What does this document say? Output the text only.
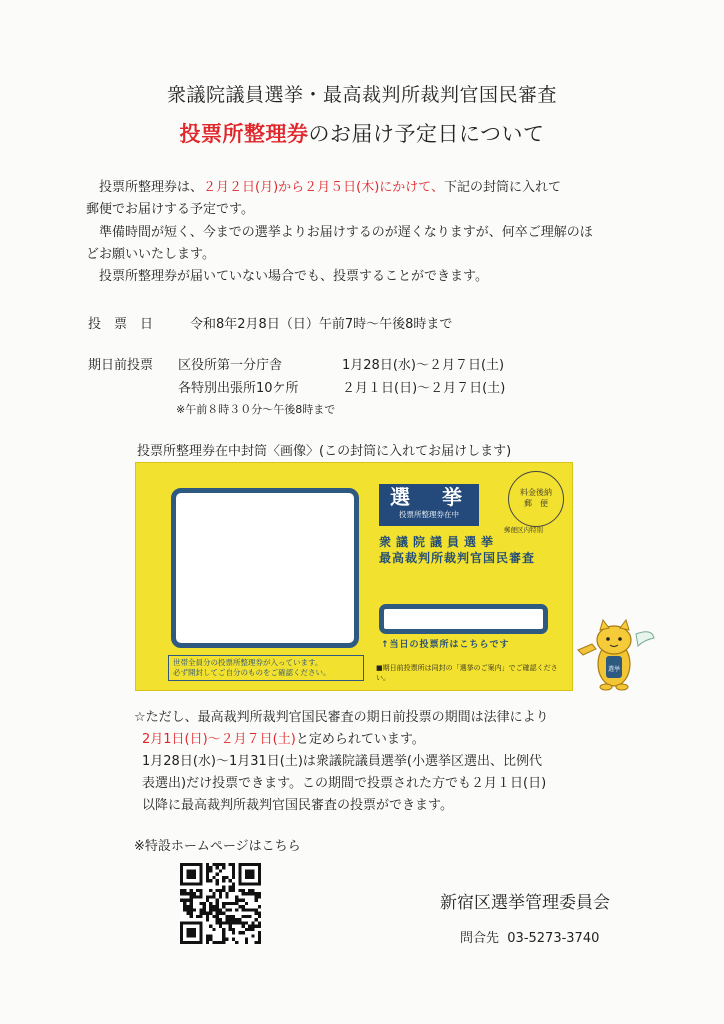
衆議院議員選挙・最高裁判所裁判官国民審査
投票所整理券のお届け予定日について
投票所整理券は、２月２日(月)から２月５日(木)にかけて、下記の封筒に入れて
郵便でお届けする予定です。
準備時間が短く、今までの選挙よりお届けするのが遅くなりますが、何卒ご理解のほ
どお願いいたします。
投票所整理券が届いていない場合でも、投票することができます。
投　票　日	令和8年2月8日（日）午前7時～午後8時まで
期日前投票 区役所第一分庁舎	1月28日(水)～２月７日(土)
各特別出張所10ケ所	２月１日(日)～２月７日(土)
※午前８時３０分～午後8時まで
投票所整理券在中封筒〈画像〉(この封筒に入れてお届けします)
世帯全員分の投票所整理券が入っています。
必ず開封してご自分のものをご確認ください。
選　挙
投票所整理券在中
料金後納
郵　便
郵便区内特別
衆議院議員選挙
最高裁判所裁判官国民審査
↑当日の投票所はこちらです
■期日前投票所は同封の「選挙のご案内」でご確認ください。
選挙
☆ただし、最高裁判所裁判官国民審査の期日前投票の期間は法律により
2月1日(日)～２月７日(土)と定められています。
1月28日(水)～1月31日(土)は衆議院議員選挙(小選挙区選出、比例代
表選出)だけ投票できます。この期間で投票された方でも２月１日(日)
以降に最高裁判所裁判官国民審査の投票ができます。
※特設ホームページはこちら
新宿区選挙管理委員会
問合先 03-5273-3740
